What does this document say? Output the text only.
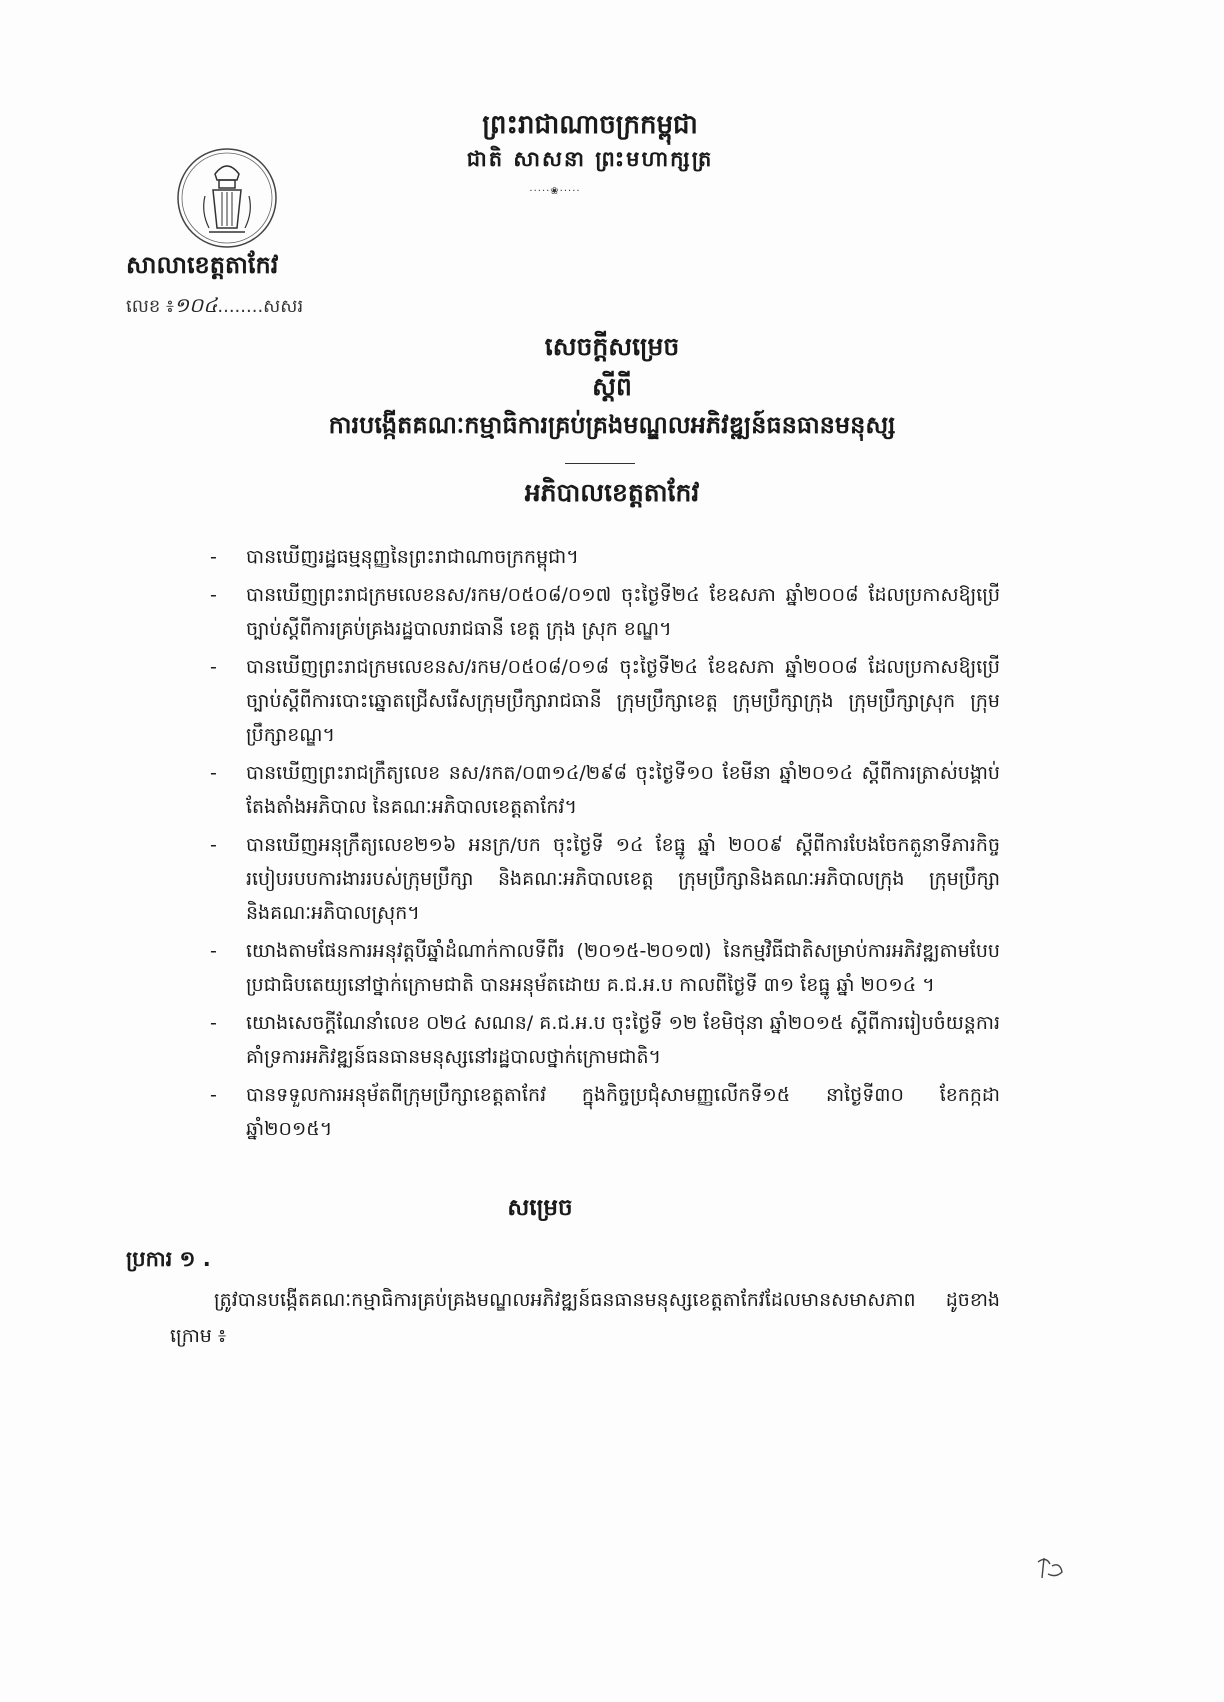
ព្រះរាជាណាចក្រកម្ពុជា
ជាតិ សាសនា ព្រះមហាក្សត្រ
·····❀·····
សាលាខេត្តតាកែវ
លេខ ៖១០៤........សសរ
សេចក្តីសម្រេច
ស្តីពី
ការបង្កើតគណៈកម្មាធិការគ្រប់គ្រងមណ្ឌលអភិវឌ្ឍន៍ធនធានមនុស្ស
អភិបាលខេត្តតាកែវ
- បានឃើញរដ្ឋធម្មនុញ្ញនៃព្រះរាជាណាចក្រកម្ពុជា។
- បានឃើញព្រះរាជក្រមលេខនស/រកម/០៥០៨/០១៧ ចុះថ្ងៃទី២៤ ខែឧសភា ឆ្នាំ២០០៨ ដែលប្រកាសឱ្យប្រើច្បាប់ស្តីពីការគ្រប់គ្រងរដ្ឋបាលរាជធានី ខេត្ត ក្រុង ស្រុក ខណ្ឌ។
- បានឃើញព្រះរាជក្រមលេខនស/រកម/០៥០៨/០១៨ ចុះថ្ងៃទី២៤ ខែឧសភា ឆ្នាំ២០០៨ ដែលប្រកាសឱ្យប្រើច្បាប់ស្តីពីការបោះឆ្នោតជ្រើសរើសក្រុមប្រឹក្សារាជធានី ក្រុមប្រឹក្សាខេត្ត ក្រុមប្រឹក្សាក្រុង ក្រុមប្រឹក្សាស្រុក ក្រុមប្រឹក្សាខណ្ឌ។
- បានឃើញព្រះរាជក្រឹត្យលេខ នស/រកត/០៣១៤/២៩៨ ចុះថ្ងៃទី១០ ខែមីនា ឆ្នាំ២០១៤ ស្តីពីការត្រាស់បង្គាប់តែងតាំងអភិបាល នៃគណៈអភិបាលខេត្តតាកែវ។
- បានឃើញអនុក្រឹត្យលេខ២១៦ អនក្រ/បក ចុះថ្ងៃទី ១៤ ខែធ្នូ ឆ្នាំ ២០០៩ ស្តីពីការបែងចែកតួនាទីភារកិច្ច របៀបរបបការងាររបស់ក្រុមប្រឹក្សា និងគណៈអភិបាលខេត្ត ក្រុមប្រឹក្សានិងគណៈអភិបាលក្រុង ក្រុមប្រឹក្សានិងគណៈអភិបាលស្រុក។
- យោងតាមផែនការអនុវត្តបីឆ្នាំដំណាក់កាលទីពីរ (២០១៥-២០១៧) នៃកម្មវិធីជាតិសម្រាប់ការអភិវឌ្ឍតាមបែបប្រជាធិបតេយ្យនៅថ្នាក់ក្រោមជាតិ បានអនុម័តដោយ គ.ជ.អ.ប កាលពីថ្ងៃទី ៣១ ខែធ្នូ ឆ្នាំ ២០១៤ ។
- យោងសេចក្តីណែនាំលេខ ០២៤ សណន/ គ.ជ.អ.ប ចុះថ្ងៃទី ១២ ខែមិថុនា ឆ្នាំ២០១៥ ស្តីពីការរៀបចំយន្តការគាំទ្រការអភិវឌ្ឍន៍ធនធានមនុស្សនៅរដ្ឋបាលថ្នាក់ក្រោមជាតិ។
- បានទទួលការអនុម័តពីក្រុមប្រឹក្សាខេត្តតាកែវ ក្នុងកិច្ចប្រជុំសាមញ្ញលើកទី១៥ នាថ្ងៃទី៣០ ខែកក្កដា ឆ្នាំ២០១៥។
សម្រេច
ប្រការ ១ .
ត្រូវបានបង្កើតគណៈកម្មាធិការគ្រប់គ្រងមណ្ឌលអភិវឌ្ឍន៍ធនធានមនុស្សខេត្តតាកែវដែលមានសមាសភាព ដូចខាងក្រោម ៖
